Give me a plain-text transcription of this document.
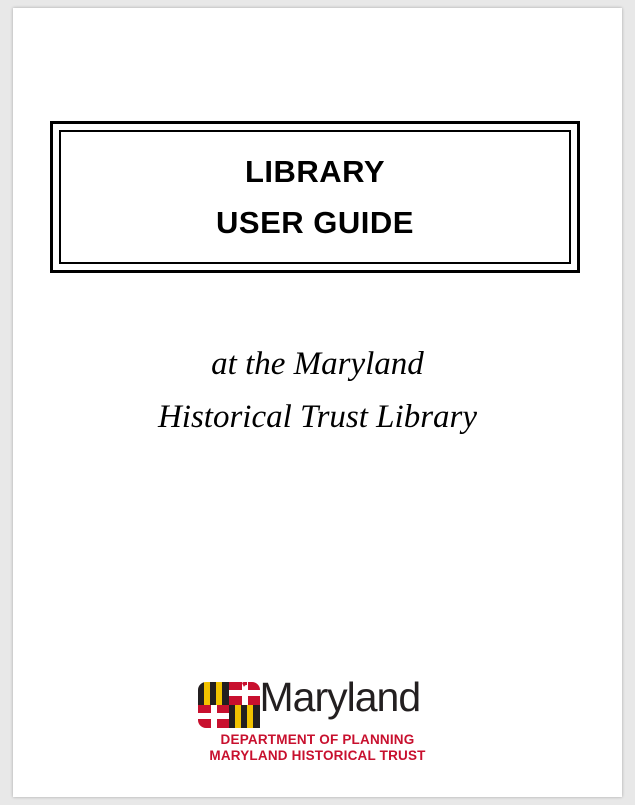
LIBRARY
USER GUIDE
at the Maryland
Historical Trust Library
Maryland
DEPARTMENT OF PLANNING
MARYLAND HISTORICAL TRUST
